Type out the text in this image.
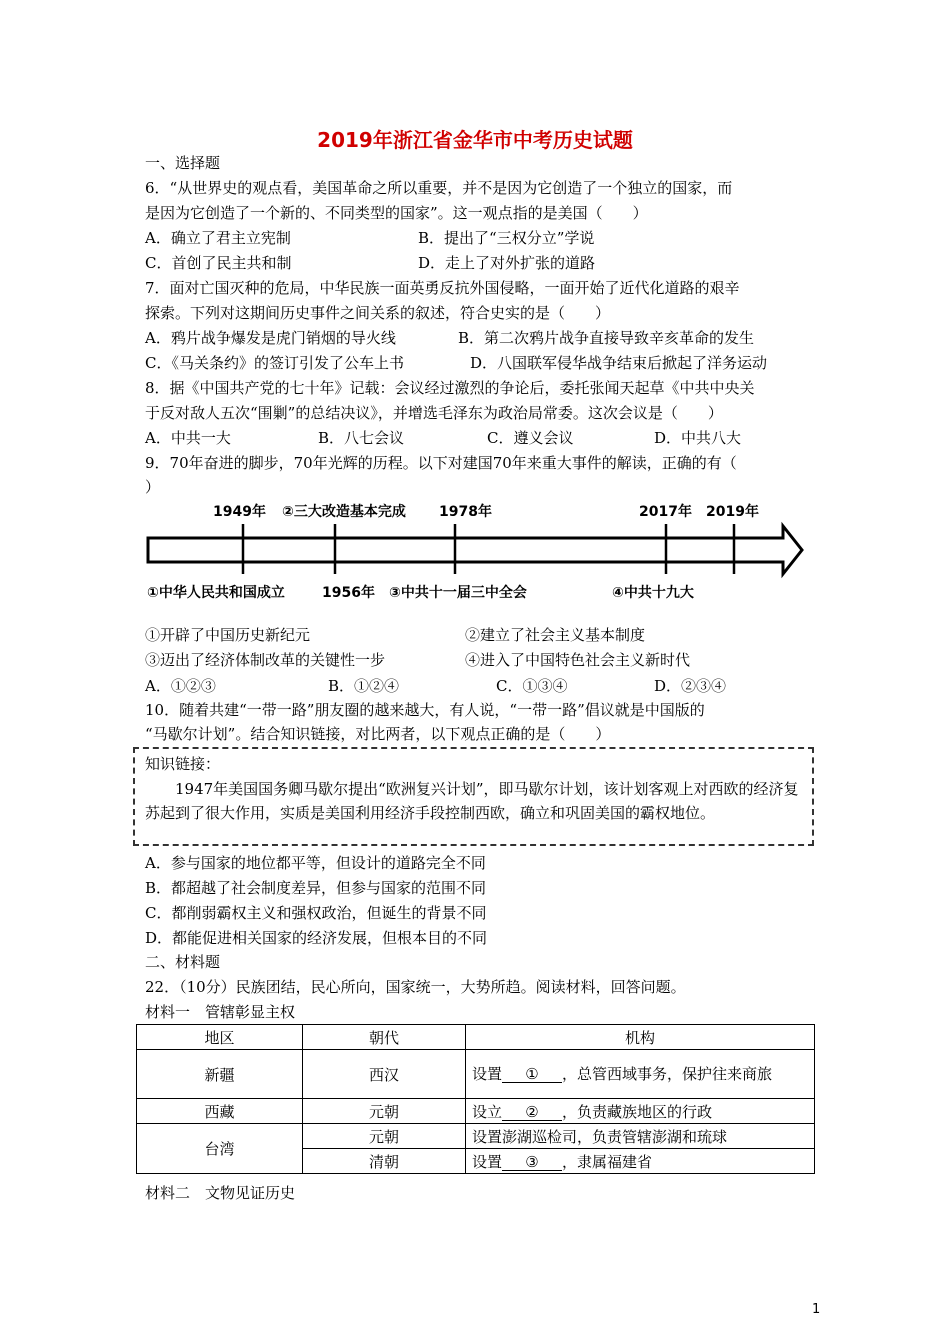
2019年浙江省金华市中考历史试题
一、选择题
6．“从世界史的观点看，美国革命之所以重要，并不是因为它创造了一个独立的国家，而
是因为它创造了一个新的、不同类型的国家”。这一观点指的是美国（　　）
A．确立了君主立宪制	B．提出了“三权分立”学说
C．首创了民主共和制	D．走上了对外扩张的道路
7．面对亡国灭种的危局，中华民族一面英勇反抗外国侵略，一面开始了近代化道路的艰辛
探索。下列对这期间历史事件之间关系的叙述，符合史实的是（　　）
A．鸦片战争爆发是虎门销烟的导火线	B．第二次鸦片战争直接导致辛亥革命的发生
C．《马关条约》的签订引发了公车上书	D．八国联军侵华战争结束后掀起了洋务运动
8．据《中国共产党的七十年》记载：会议经过激烈的争论后，委托张闻天起草《中共中央关
于反对敌人五次“围剿”的总结决议》，并增选毛泽东为政治局常委。这次会议是（　　）
A．中共一大	B．八七会议	C．遵义会议	D．中共八大
9．70年奋进的脚步，70年光辉的历程。以下对建国70年来重大事件的解读，正确的有（
）
1949年 ②三大改造基本完成 1978年	2017年 2019年
①中华人民共和国成立	1956年 ③中共十一届三中全会	④中共十九大
①开辟了中国历史新纪元	②建立了社会主义基本制度
③迈出了经济体制改革的关键性一步	④进入了中国特色社会主义新时代
A．①②③	B．①②④	C．①③④	D．②③④
10．随着共建“一带一路”朋友圈的越来越大，有人说，“一带一路”倡议就是中国版的
“马歇尔计划”。结合知识链接，对比两者，以下观点正确的是（　　）
知识链接：
1947年美国国务卿马歇尔提出“欧洲复兴计划”，即马歇尔计划，该计划客观上对西欧的经济复苏起到了很大作用，实质是美国利用经济手段控制西欧，确立和巩固美国的霸权地位。
A．参与国家的地位都平等，但设计的道路完全不同
B．都超越了社会制度差异，但参与国家的范围不同
C．都削弱霸权主义和强权政治，但诞生的背景不同
D．都能促进相关国家的经济发展，但根本目的不同
二、材料题
22．（10分）民族团结，民心所向，国家统一，大势所趋。阅读材料，回答问题。
材料一　管辖彰显主权
地区	朝代	机构
新疆	西汉	设置 ① ，总管西域事务，保护往来商旅
西藏	元朝	设立 ② ，负责藏族地区的行政
台湾	元朝	设置澎湖巡检司，负责管辖澎湖和琉球
	清朝	设置 ③ ，隶属福建省
材料二　文物见证历史
1
